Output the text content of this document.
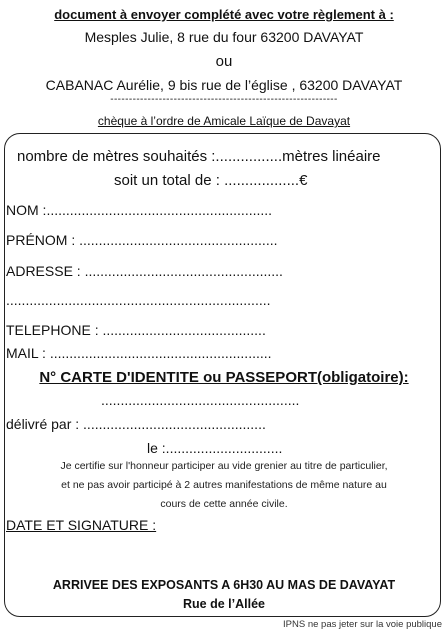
document à envoyer complété avec votre règlement à :
Mesples Julie, 8 rue du four 63200 DAVAYAT
ou
CABANAC Aurélie, 9 bis rue de l’église , 63200 DAVAYAT
-------------------------------------------------------------
chèque à l’ordre de Amicale Laïque de Davayat
nombre de mètres souhaités :................mètres linéaire
soit un total de : ..................€
NOM :..........................................................
PRÉNOM : ...................................................
ADRESSE : ...................................................
....................................................................
TELEPHONE : ..........................................
MAIL : .........................................................
N° CARTE D'IDENTITE ou PASSEPORT(obligatoire):
...................................................
délivré par : ...............................................
le :..............................
Je certifie sur l'honneur participer au vide grenier au titre de particulier,
et ne pas avoir participé à 2 autres manifestations de même nature au
cours de cette année civile.
DATE ET SIGNATURE :
ARRIVEE DES EXPOSANTS A 6H30 AU MAS DE DAVAYAT
Rue de l’Allée
IPNS ne pas jeter sur la voie publique
